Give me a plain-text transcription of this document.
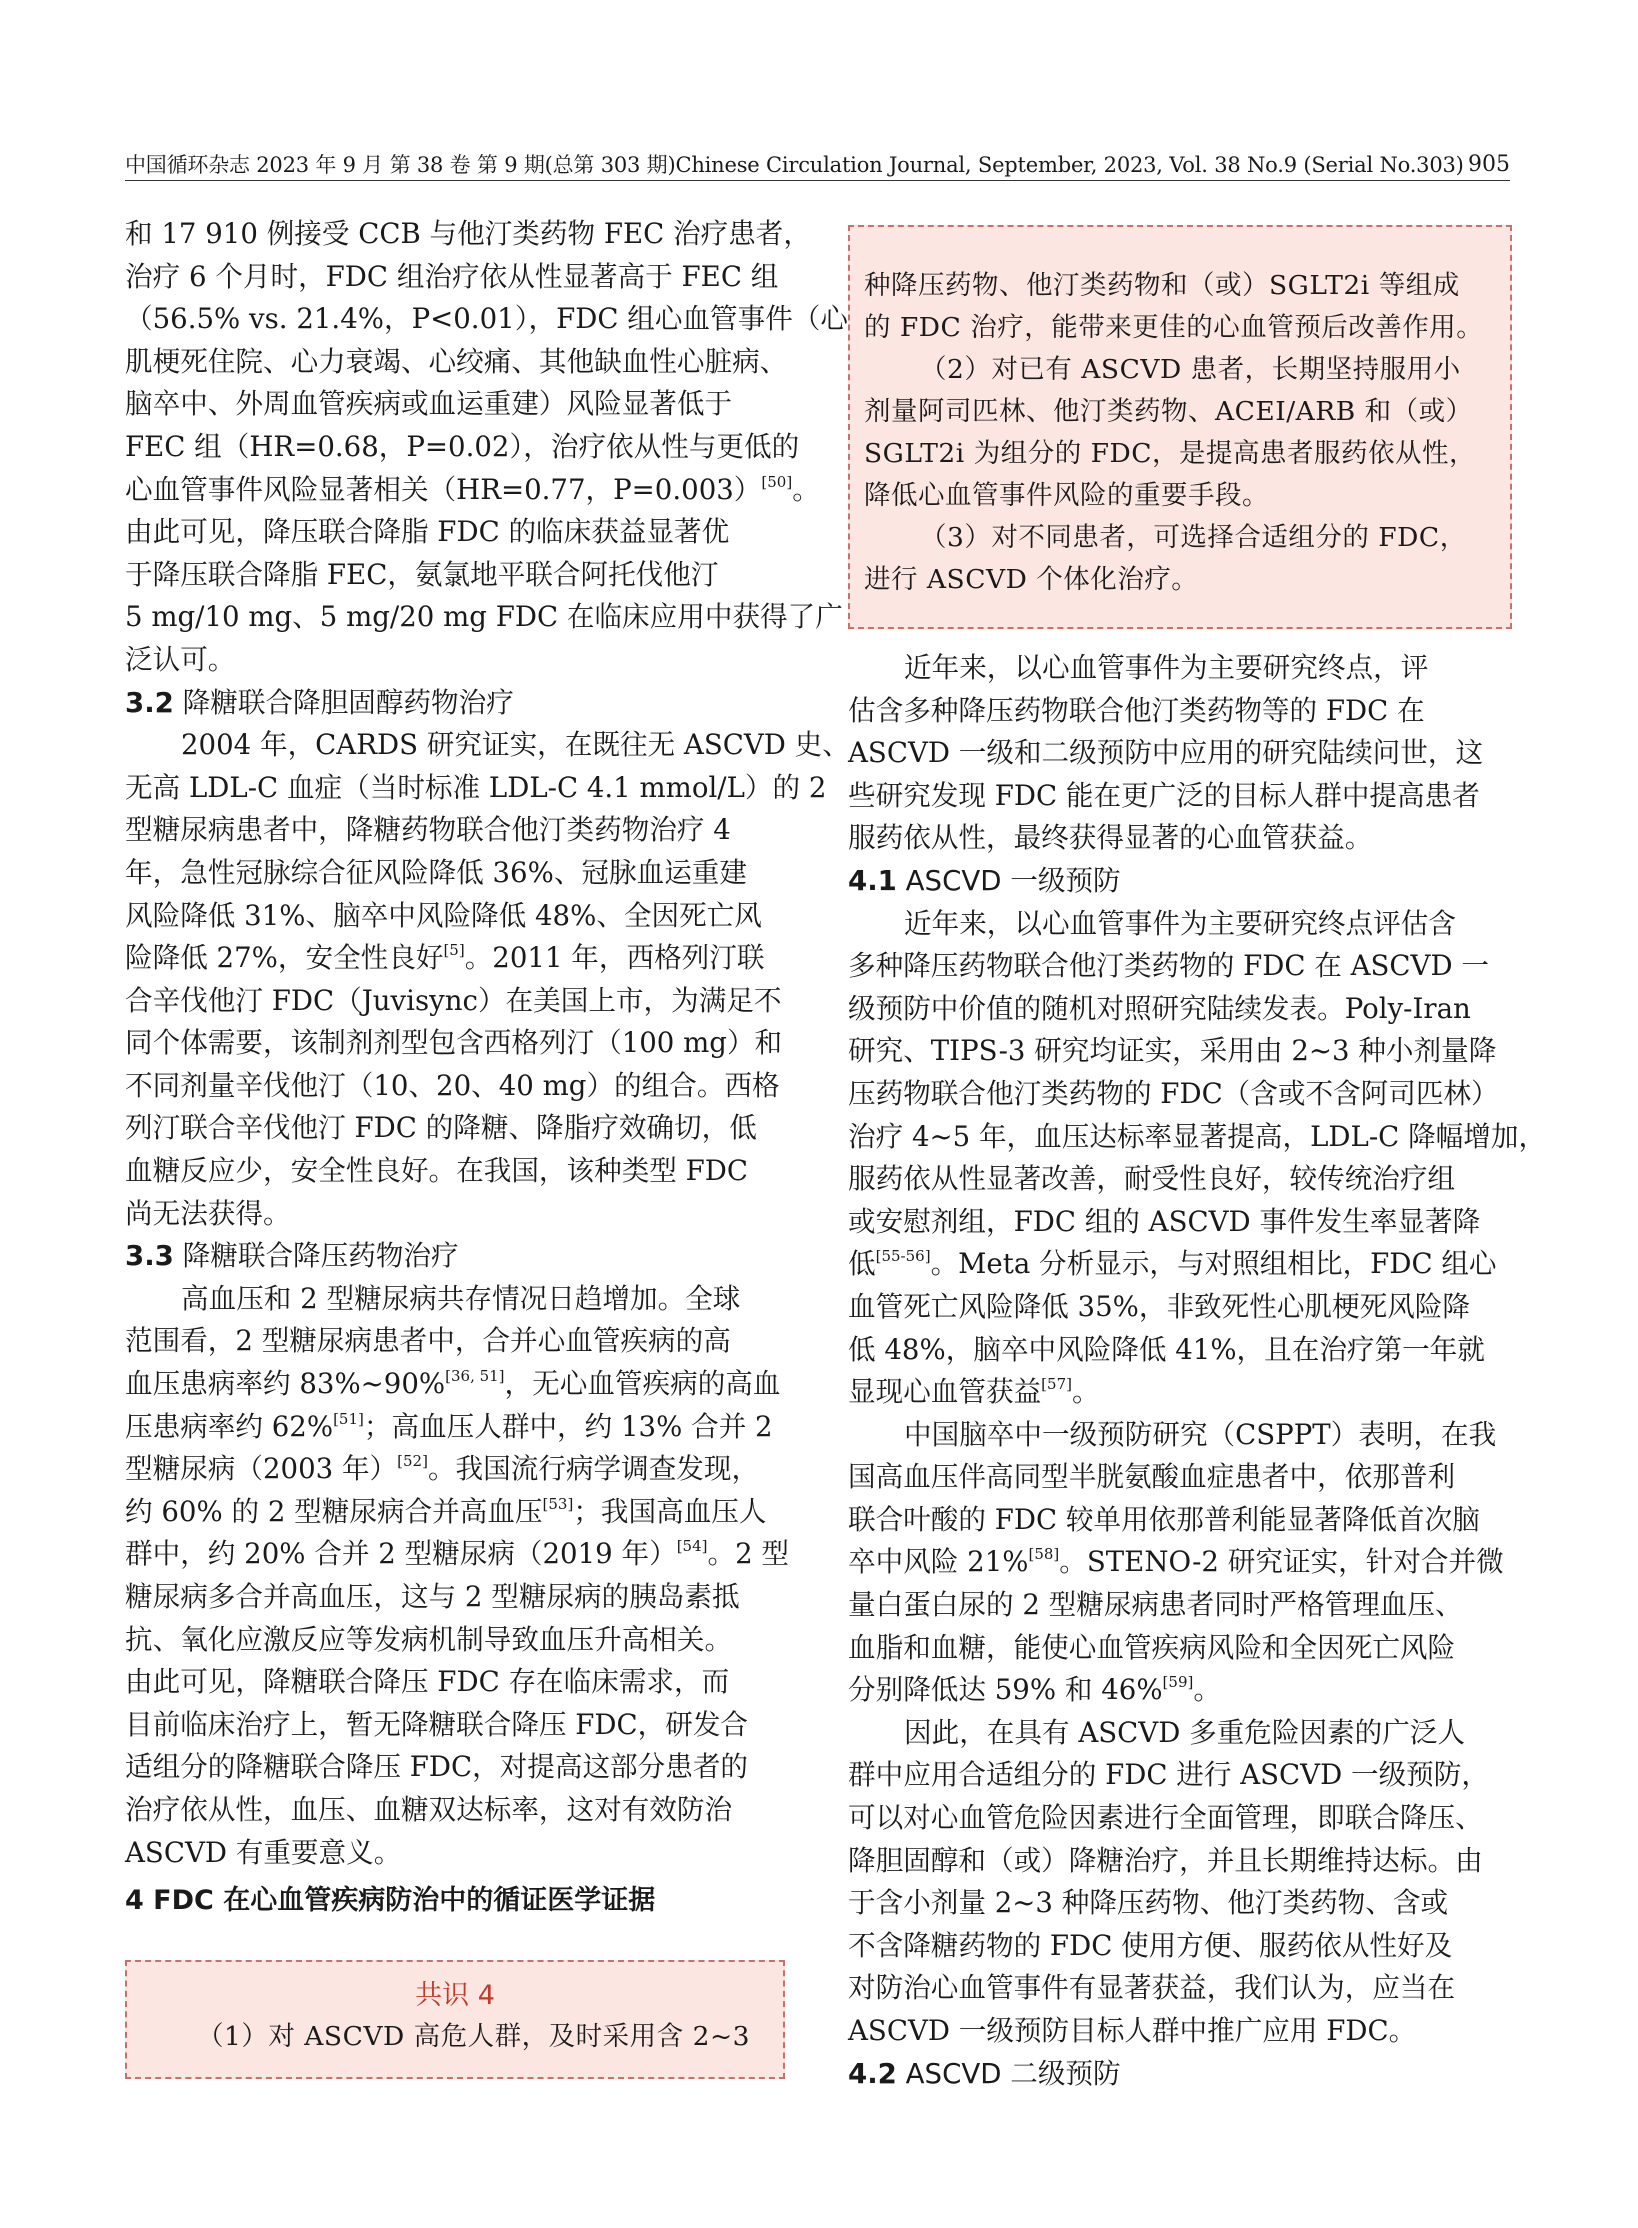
中国循环杂志 2023 年 9 月 第 38 卷 第 9 期(总第 303 期)Chinese Circulation Journal, September, 2023, Vol. 38 No.9 (Serial No.303) 905
和 17 910 例接受 CCB 与他汀类药物 FEC 治疗患者，
治疗 6 个月时，FDC 组治疗依从性显著高于 FEC 组
（56.5% vs. 21.4%，P<0.01），FDC 组心血管事件（心
肌梗死住院、心力衰竭、心绞痛、其他缺血性心脏病、
脑卒中、外周血管疾病或血运重建）风险显著低于
FEC 组（HR=0.68，P=0.02），治疗依从性与更低的
心血管事件风险显著相关（HR=0.77，P=0.003）[50]。
由此可见，降压联合降脂 FDC 的临床获益显著优
于降压联合降脂 FEC，氨氯地平联合阿托伐他汀
5 mg/10 mg、5 mg/20 mg FDC 在临床应用中获得了广
泛认可。
3.2 降糖联合降胆固醇药物治疗
2004 年，CARDS 研究证实，在既往无 ASCVD 史、
无高 LDL-C 血症（当时标准 LDL-C 4.1 mmol/L）的 2
型糖尿病患者中，降糖药物联合他汀类药物治疗 4
年，急性冠脉综合征风险降低 36%、冠脉血运重建
风险降低 31%、脑卒中风险降低 48%、全因死亡风
险降低 27%，安全性良好[5]。2011 年，西格列汀联
合辛伐他汀 FDC（Juvisync）在美国上市，为满足不
同个体需要，该制剂剂型包含西格列汀（100 mg）和
不同剂量辛伐他汀（10、20、40 mg）的组合。西格
列汀联合辛伐他汀 FDC 的降糖、降脂疗效确切，低
血糖反应少，安全性良好。在我国，该种类型 FDC
尚无法获得。
3.3 降糖联合降压药物治疗
高血压和 2 型糖尿病共存情况日趋增加。全球
范围看，2 型糖尿病患者中，合并心血管疾病的高
血压患病率约 83%~90%[36, 51]，无心血管疾病的高血
压患病率约 62%[51]；高血压人群中，约 13% 合并 2
型糖尿病（2003 年）[52]。我国流行病学调查发现，
约 60% 的 2 型糖尿病合并高血压[53]；我国高血压人
群中，约 20% 合并 2 型糖尿病（2019 年）[54]。2 型
糖尿病多合并高血压，这与 2 型糖尿病的胰岛素抵
抗、氧化应激反应等发病机制导致血压升高相关。
由此可见，降糖联合降压 FDC 存在临床需求，而
目前临床治疗上，暂无降糖联合降压 FDC，研发合
适组分的降糖联合降压 FDC，对提高这部分患者的
治疗依从性，血压、血糖双达标率，这对有效防治
ASCVD 有重要意义。
4 FDC 在心血管疾病防治中的循证医学证据
共识 4
（1）对 ASCVD 高危人群，及时采用含 2~3
种降压药物、他汀类药物和（或）SGLT2i 等组成
的 FDC 治疗，能带来更佳的心血管预后改善作用。
（2）对已有 ASCVD 患者，长期坚持服用小
剂量阿司匹林、他汀类药物、ACEI/ARB 和（或）
SGLT2i 为组分的 FDC，是提高患者服药依从性，
降低心血管事件风险的重要手段。
（3）对不同患者，可选择合适组分的 FDC，
进行 ASCVD 个体化治疗。
近年来，以心血管事件为主要研究终点，评
估含多种降压药物联合他汀类药物等的 FDC 在
ASCVD 一级和二级预防中应用的研究陆续问世，这
些研究发现 FDC 能在更广泛的目标人群中提高患者
服药依从性，最终获得显著的心血管获益。
4.1 ASCVD 一级预防
近年来，以心血管事件为主要研究终点评估含
多种降压药物联合他汀类药物的 FDC 在 ASCVD 一
级预防中价值的随机对照研究陆续发表。Poly-Iran
研究、TIPS-3 研究均证实，采用由 2~3 种小剂量降
压药物联合他汀类药物的 FDC（含或不含阿司匹林）
治疗 4~5 年，血压达标率显著提高，LDL-C 降幅增加，
服药依从性显著改善，耐受性良好，较传统治疗组
或安慰剂组，FDC 组的 ASCVD 事件发生率显著降
低[55-56]。Meta 分析显示，与对照组相比，FDC 组心
血管死亡风险降低 35%，非致死性心肌梗死风险降
低 48%，脑卒中风险降低 41%，且在治疗第一年就
显现心血管获益[57]。
中国脑卒中一级预防研究（CSPPT）表明，在我
国高血压伴高同型半胱氨酸血症患者中，依那普利
联合叶酸的 FDC 较单用依那普利能显著降低首次脑
卒中风险 21%[58]。STENO-2 研究证实，针对合并微
量白蛋白尿的 2 型糖尿病患者同时严格管理血压、
血脂和血糖，能使心血管疾病风险和全因死亡风险
分别降低达 59% 和 46%[59]。
因此，在具有 ASCVD 多重危险因素的广泛人
群中应用合适组分的 FDC 进行 ASCVD 一级预防，
可以对心血管危险因素进行全面管理，即联合降压、
降胆固醇和（或）降糖治疗，并且长期维持达标。由
于含小剂量 2~3 种降压药物、他汀类药物、含或
不含降糖药物的 FDC 使用方便、服药依从性好及
对防治心血管事件有显著获益，我们认为，应当在
ASCVD 一级预防目标人群中推广应用 FDC。
4.2 ASCVD 二级预防
